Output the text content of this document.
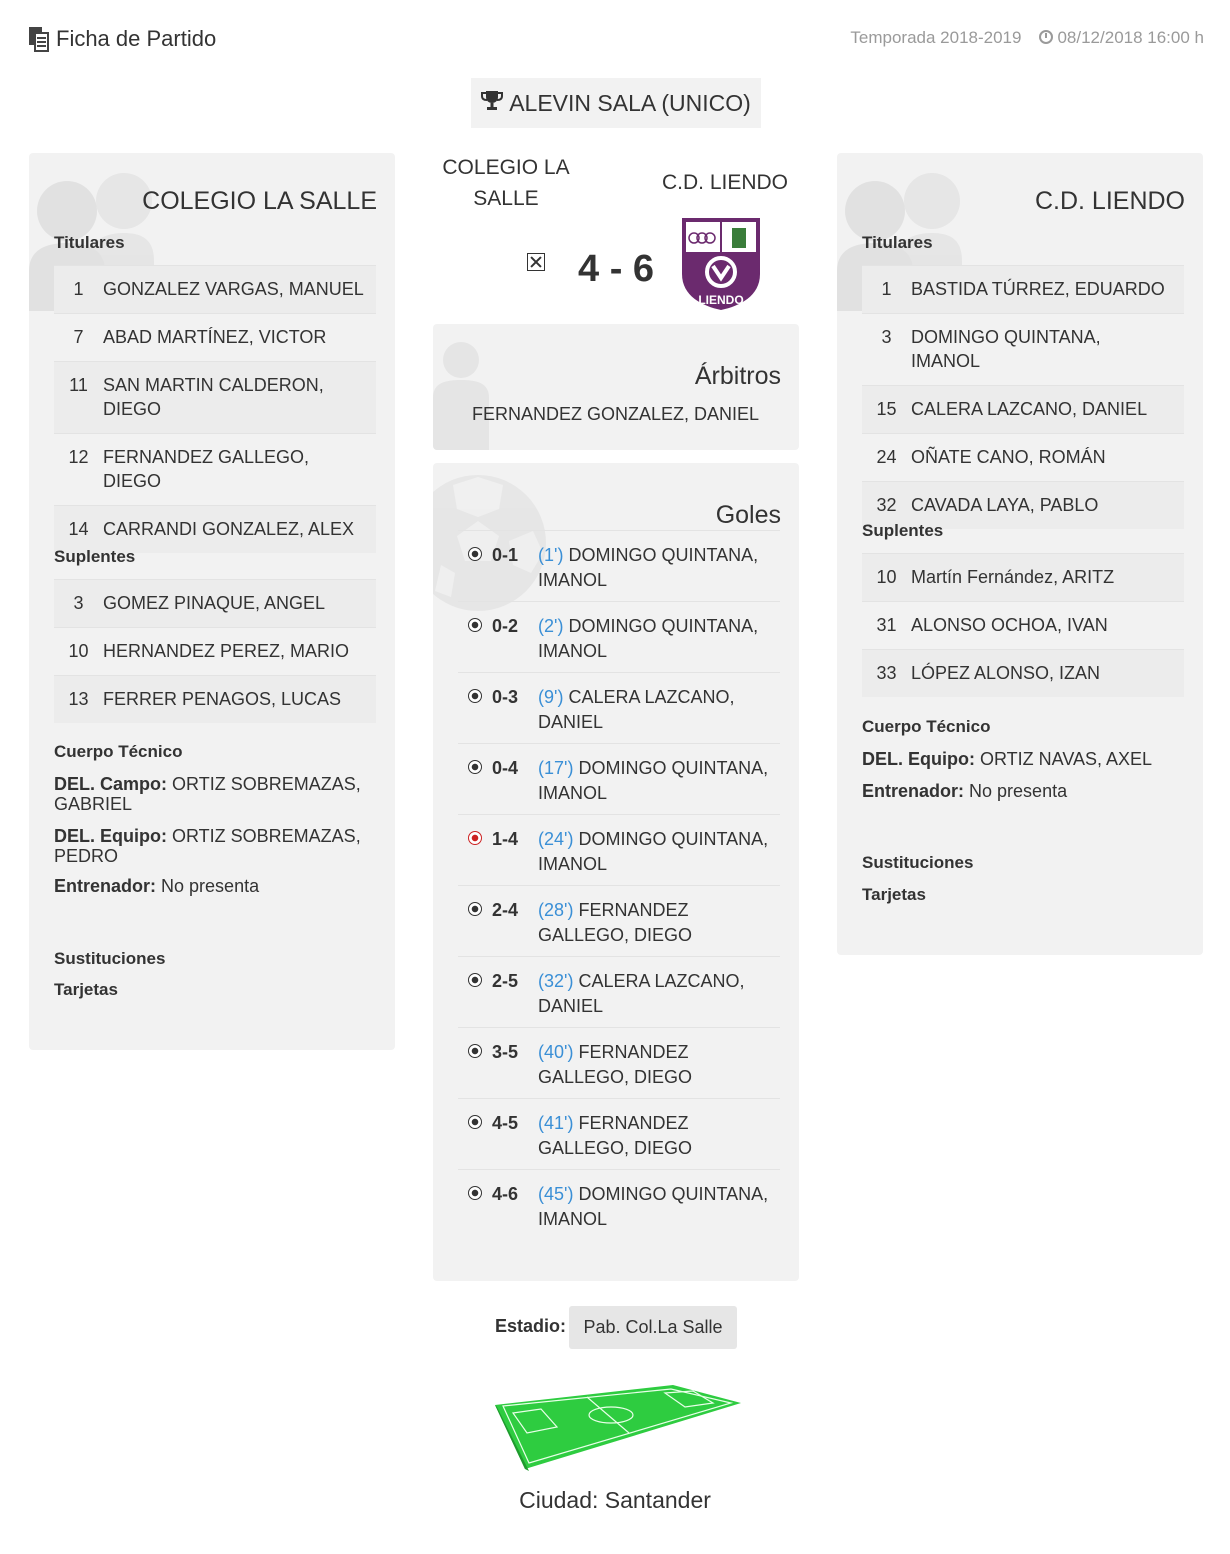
Ficha de Partido	Temporada 2018-2019	08/12/2018 16:00 h
ALEVIN SALA (UNICO)
COLEGIO LA SALLE
Titulares
1	GONZALEZ VARGAS, MANUEL
7	ABAD MARTÍNEZ, VICTOR
11 SAN MARTIN CALDERON, DIEGO
12 FERNANDEZ GALLEGO, DIEGO
14 CARRANDI GONZALEZ, ALEX
Suplentes
3	GOMEZ PINAQUE, ANGEL
10 HERNANDEZ PEREZ, MARIO
13 FERRER PENAGOS, LUCAS
Cuerpo Técnico
DEL. Campo: ORTIZ SOBREMAZAS, GABRIEL
DEL. Equipo: ORTIZ SOBREMAZAS, PEDRO
Entrenador: No presenta
Sustituciones
Tarjetas
COLEGIO LA
SALLE
C.D. LIENDO
4 - 6
LIENDO
Árbitros
FERNANDEZ GONZALEZ, DANIEL
Goles
0-1	(1') DOMINGO QUINTANA, IMANOL
0-2	(2') DOMINGO QUINTANA, IMANOL
0-3	(9') CALERA LAZCANO, DANIEL
0-4	(17') DOMINGO QUINTANA, IMANOL
1-4	(24') DOMINGO QUINTANA, IMANOL
2-4	(28') FERNANDEZ GALLEGO, DIEGO
2-5	(32') CALERA LAZCANO, DANIEL
3-5	(40') FERNANDEZ GALLEGO, DIEGO
4-5	(41') FERNANDEZ GALLEGO, DIEGO
4-6	(45') DOMINGO QUINTANA, IMANOL
C.D. LIENDO
Titulares
1	BASTIDA TÚRREZ, EDUARDO
3	DOMINGO QUINTANA, IMANOL
15 CALERA LAZCANO, DANIEL
24 OÑATE CANO, ROMÁN
32 CAVADA LAYA, PABLO
Suplentes
10 Martín Fernández, ARITZ
31 ALONSO OCHOA, IVAN
33 LÓPEZ ALONSO, IZAN
Cuerpo Técnico
DEL. Equipo: ORTIZ NAVAS, AXEL
Entrenador: No presenta
Sustituciones
Tarjetas
Estadio: Pab. Col.La Salle
Ciudad: Santander
